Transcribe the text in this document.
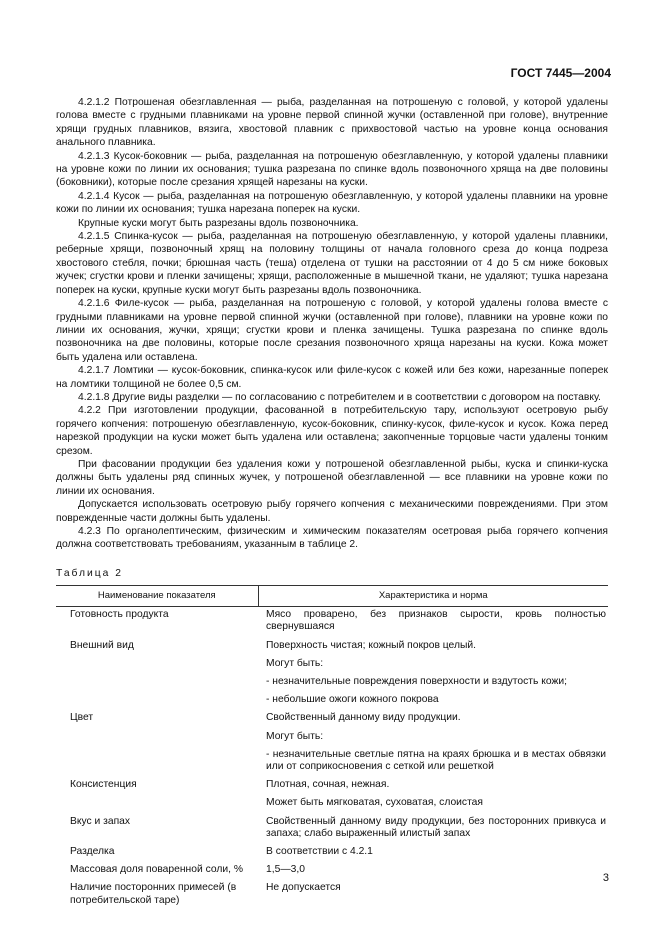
ГОСТ 7445—2004

4.2.1.2 Потрошеная обезглавленная — рыба, разделанная на потрошеную с головой, у которой удалены голова вместе с грудными плавниками на уровне первой спинной жучки (оставленной при голове), внутренние хрящи грудных плавников, вязига, хвостовой плавник с прихвостовой частью на уровне конца основания анального плавника.

4.2.1.3 Кусок-боковник — рыба, разделанная на потрошеную обезглавленную, у которой удалены плавники на уровне кожи по линии их основания; тушка разрезана по спинке вдоль позвоночного хряща на две половины (боковники), которые после срезания хрящей нарезаны на куски.

4.2.1.4 Кусок — рыба, разделанная на потрошеную обезглавленную, у которой удалены плавники на уровне кожи по линии их основания; тушка нарезана поперек на куски.

Крупные куски могут быть разрезаны вдоль позвоночника.

4.2.1.5 Спинка-кусок — рыба, разделанная на потрошеную обезглавленную, у которой удалены плавники, реберные хрящи, позвоночный хрящ на половину толщины от начала головного среза до конца подреза хвостового стебля, почки; брюшная часть (теша) отделена от тушки на расстоянии от 4 до 5 см ниже боковых жучек; сгустки крови и пленки зачищены; хрящи, расположенные в мышечной ткани, не удаляют; тушка нарезана поперек на куски, крупные куски могут быть разрезаны вдоль позвоночника.

4.2.1.6 Филе-кусок — рыба, разделанная на потрошеную с головой, у которой удалены голова вместе с грудными плавниками на уровне первой спинной жучки (оставленной при голове), плавники на уровне кожи по линии их основания, жучки, хрящи; сгустки крови и пленка зачищены. Тушка разрезана по спинке вдоль позвоночника на две половины, которые после срезания позвоночного хряща нарезаны на куски. Кожа может быть удалена или оставлена.

4.2.1.7 Ломтики — кусок-боковник, спинка-кусок или филе-кусок с кожей или без кожи, нарезанные поперек на ломтики толщиной не более 0,5 см.

4.2.1.8 Другие виды разделки — по согласованию с потребителем и в соответствии с договором на поставку.

4.2.2 При изготовлении продукции, фасованной в потребительскую тару, используют осетровую рыбу горячего копчения: потрошеную обезглавленную, кусок-боковник, спинку-кусок, филе-кусок и кусок. Кожа перед нарезкой продукции на куски может быть удалена или оставлена; закопченные торцовые части удалены тонким срезом.

При фасовании продукции без удаления кожи у потрошеной обезглавленной рыбы, куска и спинки-куска должны быть удалены ряд спинных жучек, у потрошеной обезглавленной — все плавники на уровне кожи по линии их основания.

Допускается использовать осетровую рыбу горячего копчения с механическими повреждениями. При этом поврежденные части должны быть удалены.

4.2.3 По органолептическим, физическим и химическим показателям осетровая рыба горячего копчения должна соответствовать требованиям, указанным в таблице 2.

Таблица 2
Наименование показателя	Характеристика и норма
Готовность продукта	Мясо проварено, без признаков сырости, кровь полностью свернувшаяся
Внешний вид	Поверхность чистая; кожный покров целый.
	Могут быть:
	- незначительные повреждения поверхности и вздутость кожи;
	- небольшие ожоги кожного покрова
Цвет	Свойственный данному виду продукции.
	Могут быть:
	- незначительные светлые пятна на краях брюшка и в местах обвязки или от соприкосновения с сеткой или решеткой
Консистенция	Плотная, сочная, нежная.
	Может быть мягковатая, суховатая, слоистая
Вкус и запах	Свойственный данному виду продукции, без посторонних привкуса и запаха; слабо выраженный илистый запах
Разделка	В соответствии с 4.2.1
Массовая доля поваренной соли, %	1,5—3,0
Наличие посторонних примесей (в потребительской таре)	Не допускается
3
